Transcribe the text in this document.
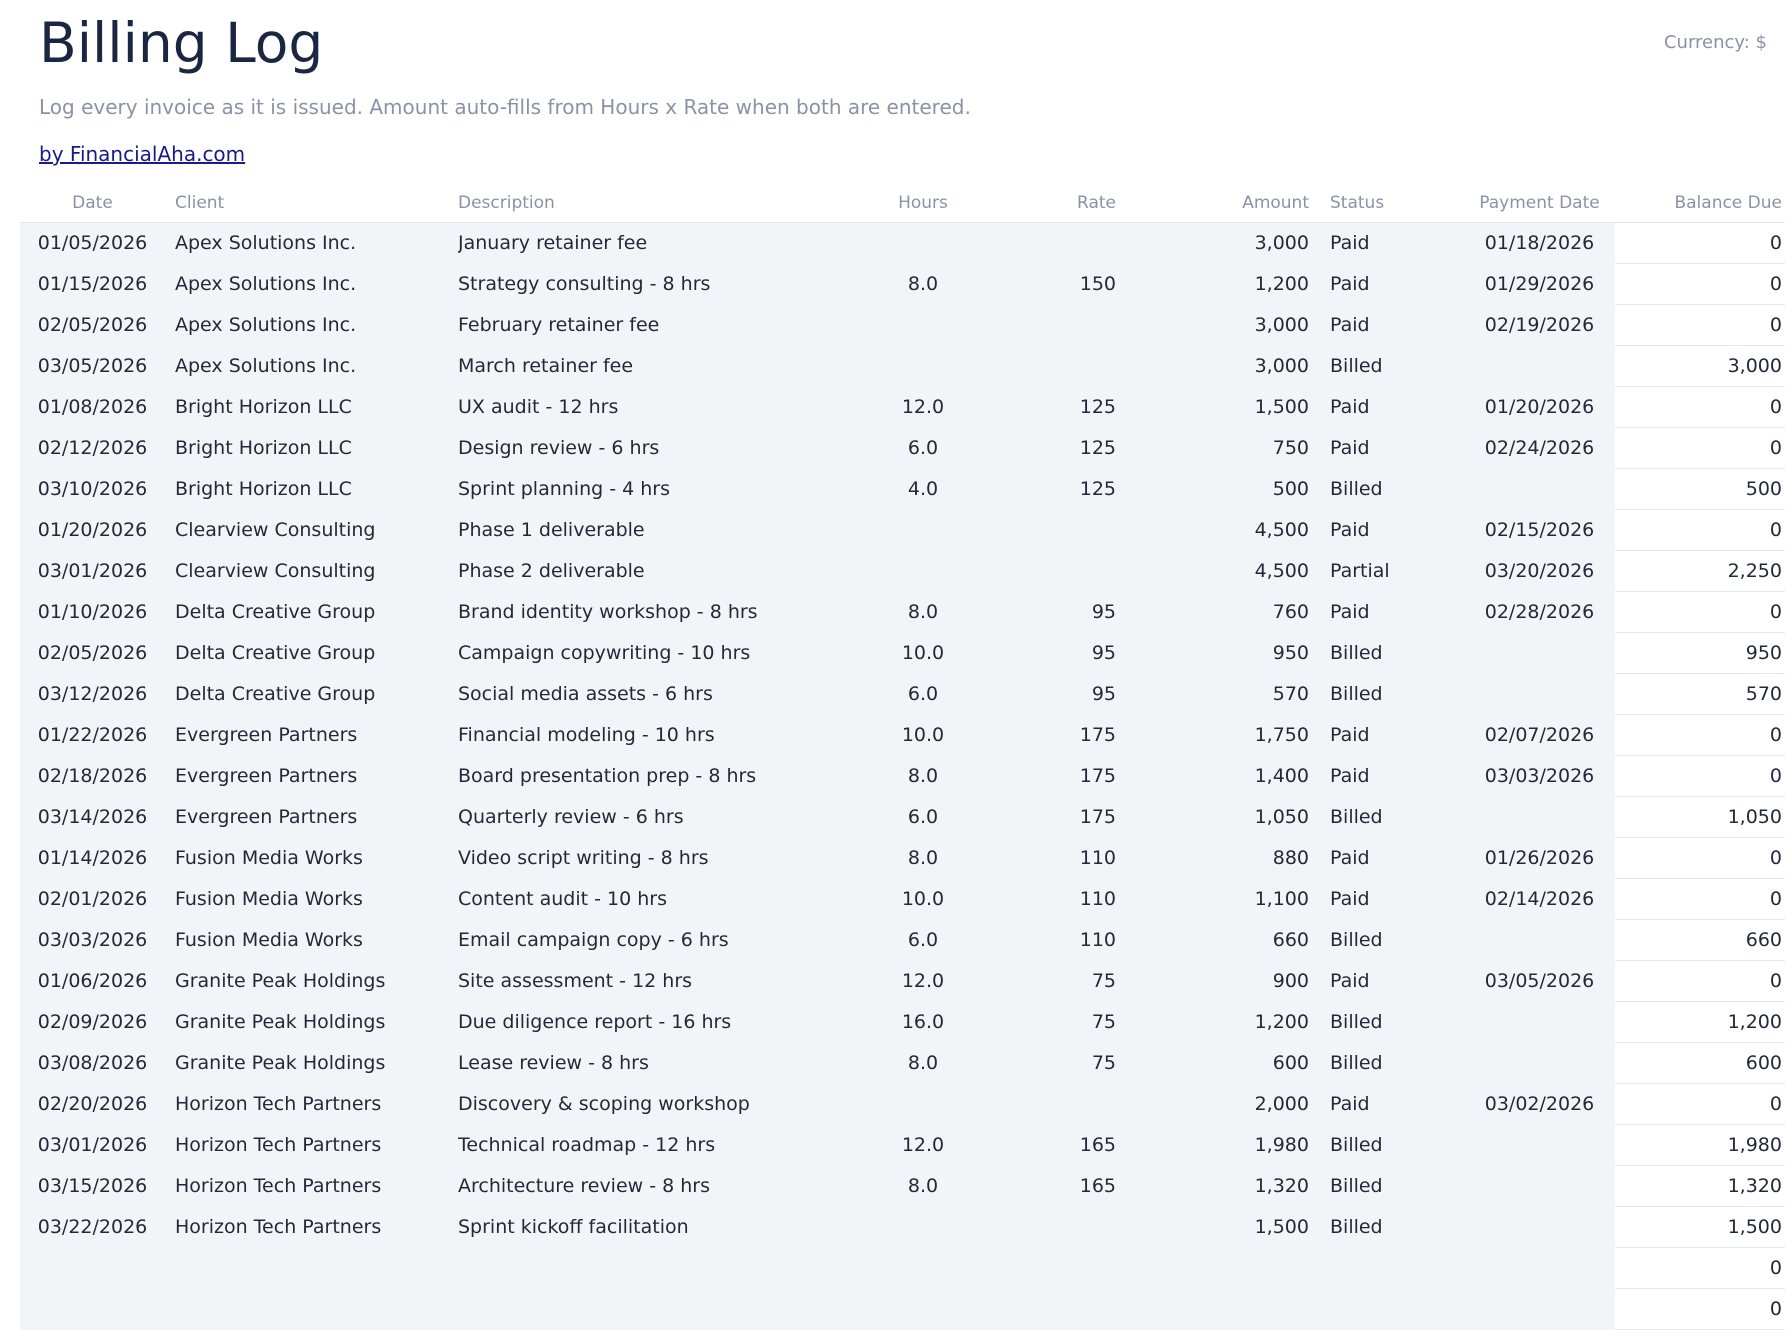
Billing Log	Currency: $
Log every invoice as it is issued. Amount auto-fills from Hours x Rate when both are entered.
by FinancialAha.com
Date	Client	Description	Hours	Rate	Amount	Status	Payment Date	Balance Due
01/05/2026	Apex Solutions Inc.	January retainer fee			3,000	Paid	01/18/2026	0
01/15/2026	Apex Solutions Inc.	Strategy consulting - 8 hrs	8.0	150	1,200	Paid	01/29/2026	0
02/05/2026	Apex Solutions Inc.	February retainer fee			3,000	Paid	02/19/2026	0
03/05/2026	Apex Solutions Inc.	March retainer fee			3,000	Billed		3,000
01/08/2026	Bright Horizon LLC	UX audit - 12 hrs	12.0	125	1,500	Paid	01/20/2026	0
02/12/2026	Bright Horizon LLC	Design review - 6 hrs	6.0	125	750	Paid	02/24/2026	0
03/10/2026	Bright Horizon LLC	Sprint planning - 4 hrs	4.0	125	500	Billed		500
01/20/2026	Clearview Consulting	Phase 1 deliverable			4,500	Paid	02/15/2026	0
03/01/2026	Clearview Consulting	Phase 2 deliverable			4,500	Partial	03/20/2026	2,250
01/10/2026	Delta Creative Group	Brand identity workshop - 8 hrs	8.0	95	760	Paid	02/28/2026	0
02/05/2026	Delta Creative Group	Campaign copywriting - 10 hrs	10.0	95	950	Billed		950
03/12/2026	Delta Creative Group	Social media assets - 6 hrs	6.0	95	570	Billed		570
01/22/2026	Evergreen Partners	Financial modeling - 10 hrs	10.0	175	1,750	Paid	02/07/2026	0
02/18/2026	Evergreen Partners	Board presentation prep - 8 hrs	8.0	175	1,400	Paid	03/03/2026	0
03/14/2026	Evergreen Partners	Quarterly review - 6 hrs	6.0	175	1,050	Billed		1,050
01/14/2026	Fusion Media Works	Video script writing - 8 hrs	8.0	110	880	Paid	01/26/2026	0
02/01/2026	Fusion Media Works	Content audit - 10 hrs	10.0	110	1,100	Paid	02/14/2026	0
03/03/2026	Fusion Media Works	Email campaign copy - 6 hrs	6.0	110	660	Billed		660
01/06/2026	Granite Peak Holdings	Site assessment - 12 hrs	12.0	75	900	Paid	03/05/2026	0
02/09/2026	Granite Peak Holdings	Due diligence report - 16 hrs	16.0	75	1,200	Billed		1,200
03/08/2026	Granite Peak Holdings	Lease review - 8 hrs	8.0	75	600	Billed		600
02/20/2026	Horizon Tech Partners	Discovery & scoping workshop			2,000	Paid	03/02/2026	0
03/01/2026	Horizon Tech Partners	Technical roadmap - 12 hrs	12.0	165	1,980	Billed		1,980
03/15/2026	Horizon Tech Partners	Architecture review - 8 hrs	8.0	165	1,320	Billed		1,320
03/22/2026	Horizon Tech Partners	Sprint kickoff facilitation			1,500	Billed		1,500
								0
								0
